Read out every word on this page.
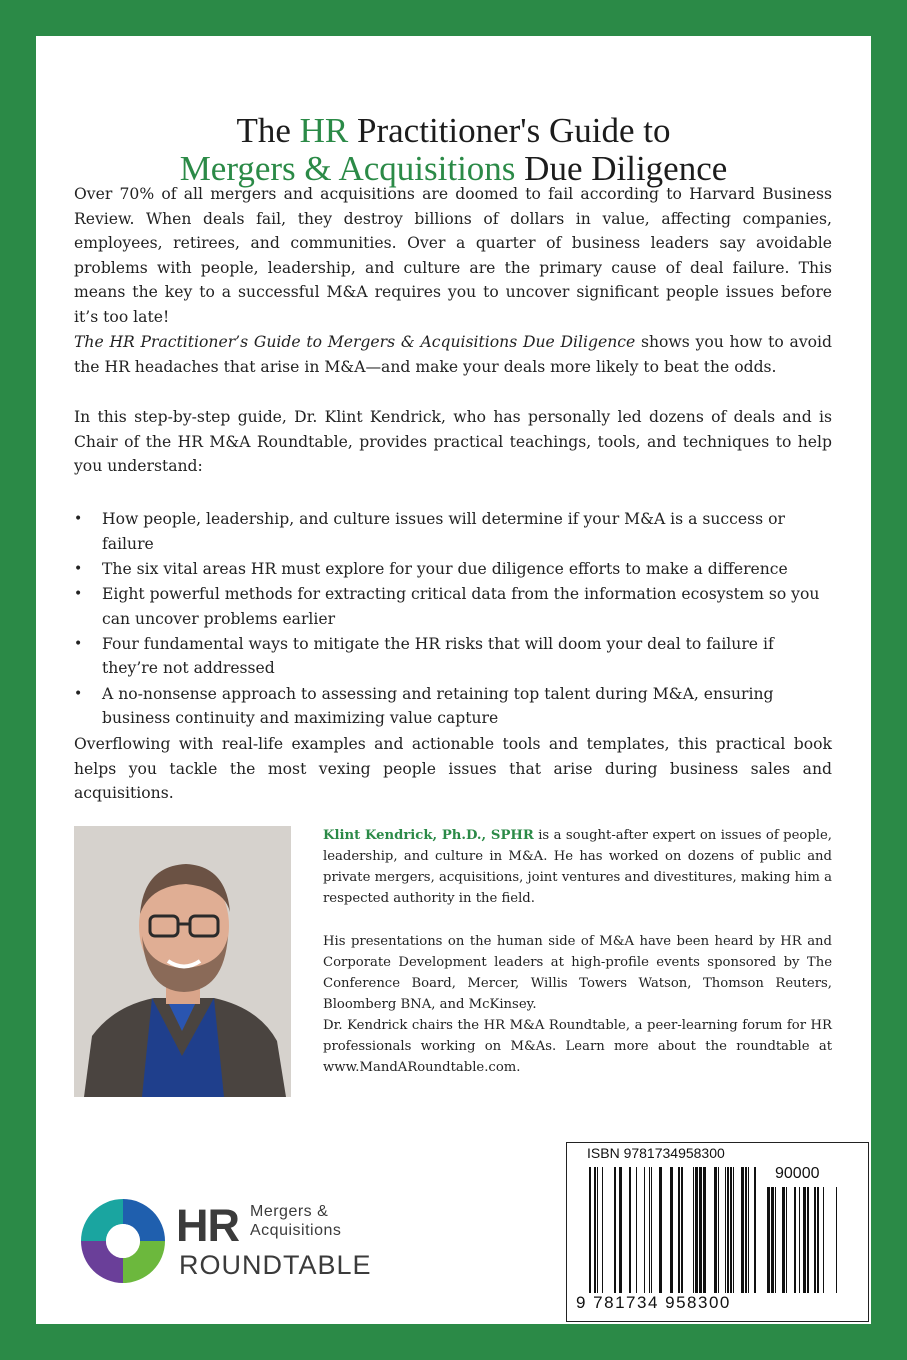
The HR Practitioner's Guide to
Mergers & Acquisitions Due Diligence
Over 70% of all mergers and acquisitions are doomed to fail according to Harvard Business Review. When deals fail, they destroy billions of dollars in value, affecting companies, employees, retirees, and communities. Over a quarter of business leaders say avoidable problems with people, leadership, and culture are the primary cause of deal failure. This means the key to a successful M&A requires you to uncover significant people issues before it’s too late!
The HR Practitioner’s Guide to Mergers & Acquisitions Due Diligence shows you how to avoid the HR headaches that arise in M&A—and make your deals more likely to beat the odds.
In this step-by-step guide, Dr. Klint Kendrick, who has personally led dozens of deals and is Chair of the HR M&A Roundtable, provides practical teachings, tools, and techniques to help you understand:
• How people, leadership, and culture issues will determine if your M&A is a success or failure
• The six vital areas HR must explore for your due diligence efforts to make a difference
• Eight powerful methods for extracting critical data from the information ecosystem so you can uncover problems earlier
• Four fundamental ways to mitigate the HR risks that will doom your deal to failure if they’re not addressed
• A no-nonsense approach to assessing and retaining top talent during M&A, ensuring business continuity and maximizing value capture
Overflowing with real-life examples and actionable tools and templates, this practical book helps you tackle the most vexing people issues that arise during business sales and acquisitions.
Klint Kendrick, Ph.D., SPHR is a sought-after expert on issues of people, leadership, and culture in M&A. He has worked on dozens of public and private mergers, acquisitions, joint ventures and divestitures, making him a respected authority in the field.
His presentations on the human side of M&A have been heard by HR and Corporate Development leaders at high-profile events sponsored by The Conference Board, Mercer, Willis Towers Watson, Thomson Reuters, Bloomberg BNA, and McKinsey.
Dr. Kendrick chairs the HR M&A Roundtable, a peer-learning forum for HR professionals working on M&As. Learn more about the roundtable at www.MandARoundtable.com.
HR Mergers &
Acquisitions
ROUNDTABLE
ISBN 9781734958300
90000
9 781734 958300
